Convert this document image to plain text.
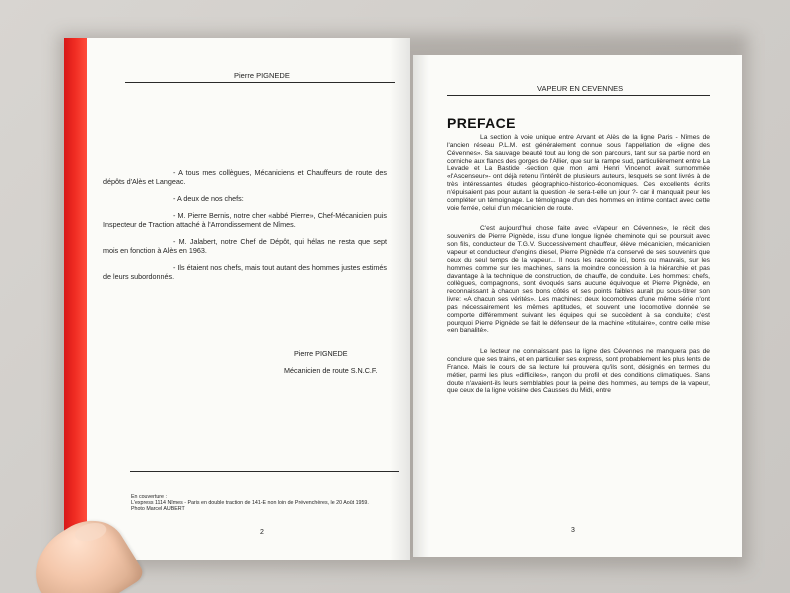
Pierre PIGNEDE

- A tous mes collègues, Mécaniciens et Chauffeurs de route des dépôts d'Alès et Langeac.

- A deux de nos chefs:

- M. Pierre Bernis, notre cher «abbé Pierre», Chef-Mécanicien puis Inspecteur de Traction attaché à l'Arrondissement de Nîmes.

- M. Jalabert, notre Chef de Dépôt, qui hélas ne resta que sept mois en fonction à Alès en 1963.

- Ils étaient nos chefs, mais tout autant des hommes justes estimés de leurs subordonnés.

Pierre PIGNEDE
Mécanicien de route S.N.C.F.
En couverture :
L'express 1114 Nîmes - Paris en double traction de 141-E non loin de Prévenchères, le 20 Août 1959.
Photo Marcel AUBERT
2
VAPEUR EN CEVENNES
PREFACE

La section à voie unique entre Arvant et Alès de la ligne Paris - Nîmes de l'ancien réseau P.L.M. est généralement connue sous l'appellation de «ligne des Cévennes». Sa sauvage beauté tout au long de son parcours, tant sur sa partie nord en corniche aux flancs des gorges de l'Allier, que sur la rampe sud, particulièrement entre La Levade et La Bastide -section que mon ami Henri Vincenot avait surnommée «l'Ascenseur»- ont déjà retenu l'intérêt de plusieurs auteurs, lesquels se sont livrés à de très intéressantes études géographico-historico-économiques. Ces excellents écrits n'épuisaient pas pour autant la question -le sera-t-elle un jour ?- car il manquait peur les compléter un témoignage. Le témoignage d'un des hommes en intime contact avec cette voie ferrée, celui d'un mécanicien de route.

C'est aujourd'hui chose faite avec «Vapeur en Cévennes», le récit des souvenirs de Pierre Pignède, issu d'une longue lignée cheminote qui se poursuit avec son fils, conducteur de T.G.V. Successivement chauffeur, élève mécanicien, mécanicien vapeur et conducteur d'engins diesel, Pierre Pignède n'a conservé de ses souvenirs que ceux du seul temps de la vapeur... Il nous les raconte ici, bons ou mauvais, sur les hommes comme sur les machines, sans la moindre concession à la hiérarchie et pas davantage à la technique de construction, de chauffe, de conduite. Les hommes: chefs, collègues, compagnons, sont évoqués sans aucune équivoque et Pierre Pignède, en reconnaissant à chacun ses bons côtés et ses points faibles aurait pu sous-titrer son livre: «A chacun ses vérités». Les machines: deux locomotives d'une même série n'ont pas nécessairement les mêmes aptitudes, et souvent une locomotive donnée se comporte différemment suivant les équipes qui se succèdent à sa conduite; c'est pourquoi Pierre Pignède se fait le défenseur de la machine «titulaire», contre celle mise «en banalité».

Le lecteur ne connaissant pas la ligne des Cévennes ne manquera pas de conclure que ses trains, et en particulier ses express, sont probablement les plus lents de France. Mais le cours de sa lecture lui prouvera qu'ils sont, désignés en termes du métier, parmi les plus «difficiles», rançon du profil et des conditions climatiques. Sans doute n'avaient-ils leurs semblables pour la peine des hommes, au temps de la vapeur, que ceux de la ligne voisine des Causses du Midi, entre

3
